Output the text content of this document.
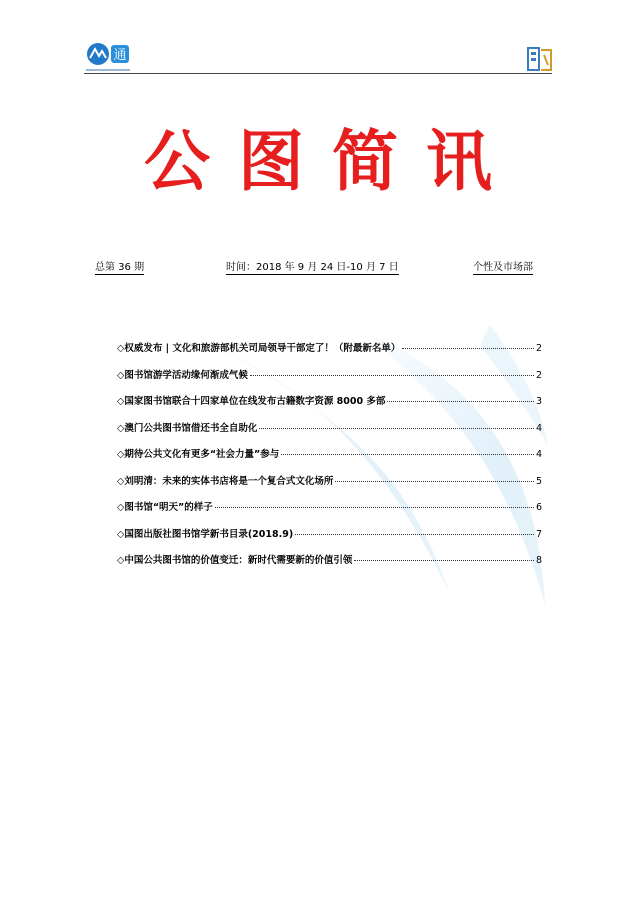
通
公图简讯
总第 36 期	时间：2018 年 9 月 24 日-10 月 7 日	个性及市场部
◇ 权威发布 | 文化和旅游部机关司局领导干部定了！（附最新名单）	2
◇ 图书馆游学活动缘何渐成气候	2
◇ 国家图书馆联合十四家单位在线发布古籍数字资源 8000 多部	3
◇ 澳门公共图书馆借还书全自助化	4
◇ 期待公共文化有更多“社会力量”参与	4
◇ 刘明清：未来的实体书店将是一个复合式文化场所	5
◇ 图书馆“明天”的样子	6
◇ 国图出版社图书馆学新书目录(2018.9)	7
◇ 中国公共图书馆的价值变迁：新时代需要新的价值引领	8
